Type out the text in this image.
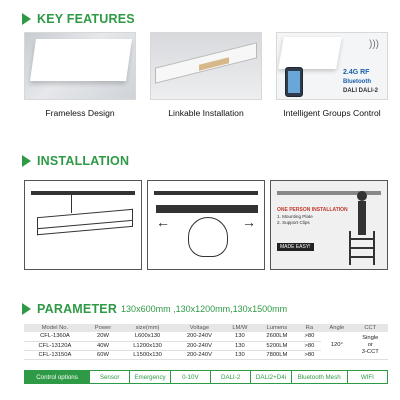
KEY FEATURES
Frameless Design	Linkable Installation
)))
2.4G RF
Bluetooth
DALI DALI-2
Intelligent Groups Control
INSTALLATION
←	→
ONE PERSON INSTALLATION
1. Mounting Plate
2. Support Clips
MADE EASY!
PARAMETER 130x600mm ,130x1200mm,130x1500mm
Model No.	Power	size(mm)	Voltage	LM/W	Lumens	Ra	Angle	CCT
CFL-1360A	20W	L600x130	200-240V	130	2600LM	>80	120°	Single
or
3-CCT
CFL-13120A	40W	L1200x130	200-240V	130	5200LM	>80		
CFL-13150A	60W	L1500x130	200-240V	130	7800LM	>80		
Control options	Sensor	Emergency	0-10V	DALI-2	DALI2+D4i	Bluetooth Mesh	WIFI
